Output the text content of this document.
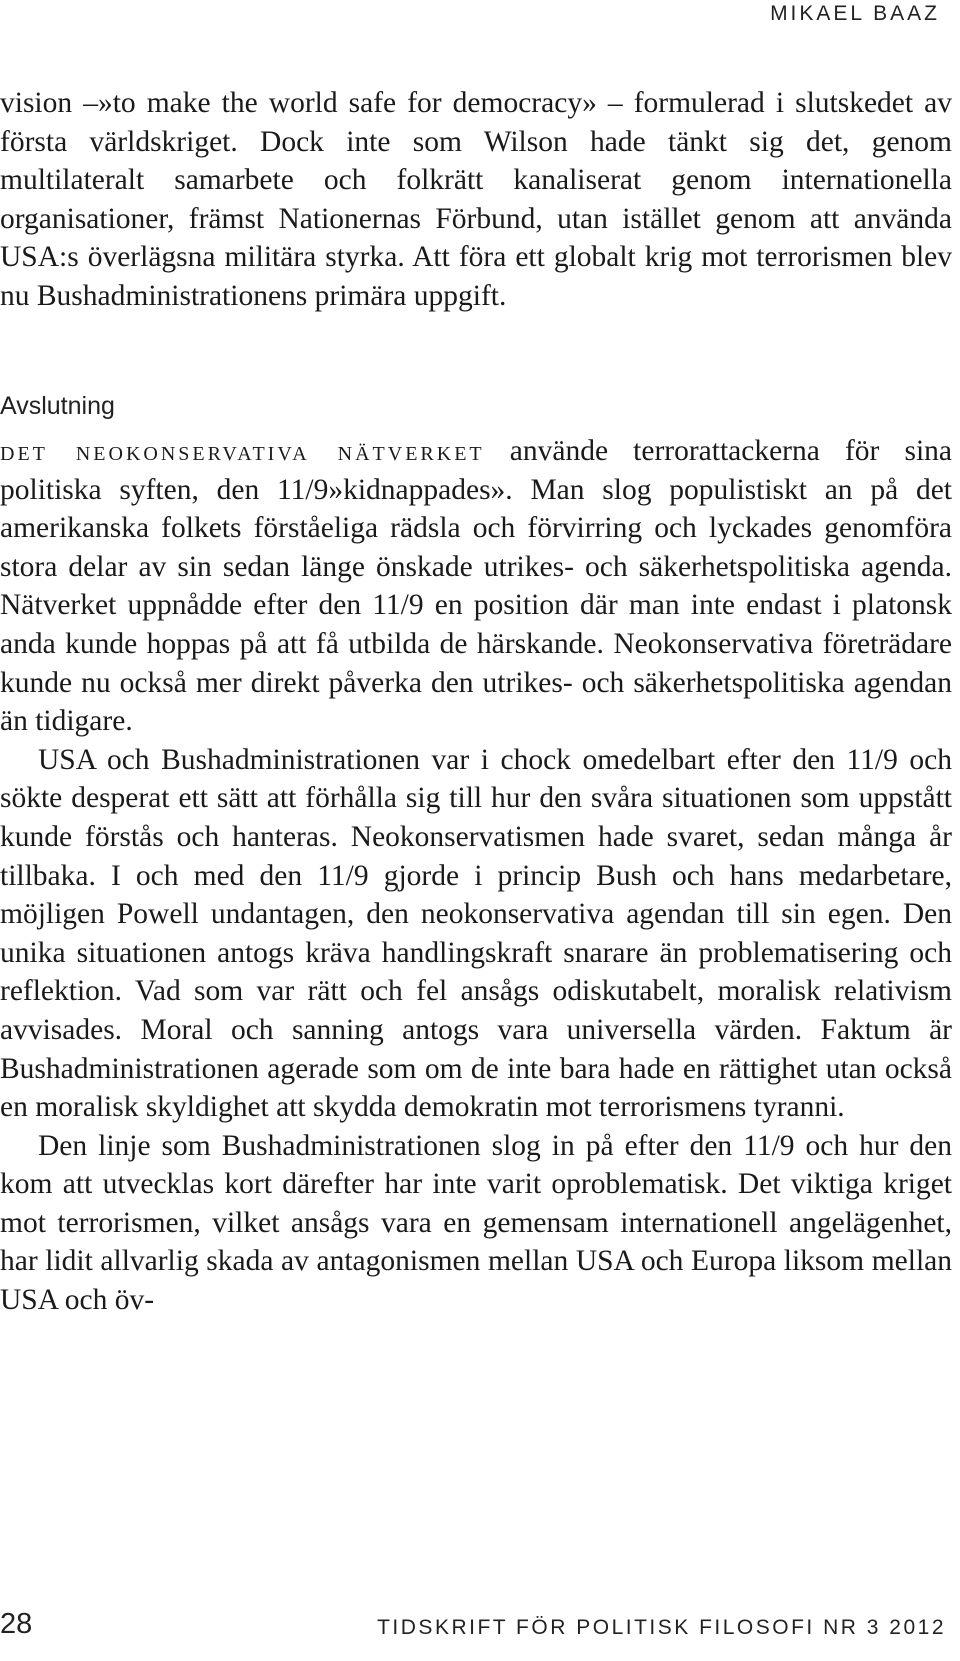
MIKAEL BAAZ

vision –»to make the world safe for democracy» – formulerad i slutskedet av första världskriget. Dock inte som Wilson hade tänkt sig det, genom multilateralt samarbete och folkrätt kanaliserat genom internationella organisationer, främst Nationernas Förbund, utan istället genom att använda USA:s överlägsna militära styrka. Att föra ett globalt krig mot terrorismen blev nu Bushadministrationens primära uppgift.

Avslutning

det neokonservativa nätverket använde terrorattackerna för sina politiska syften, den 11/9»kidnappades». Man slog populistiskt an på det amerikanska folkets förståeliga rädsla och förvirring och lyckades genomföra stora delar av sin sedan länge önskade utrikes- och säkerhetspolitiska agenda. Nätverket uppnådde efter den 11/9 en position där man inte endast i platonsk anda kunde hoppas på att få utbilda de härskande. Neokonservativa företrädare kunde nu också mer direkt påverka den utrikes- och säkerhetspolitiska agendan än tidigare.

USA och Bushadministrationen var i chock omedelbart efter den 11/9 och sökte desperat ett sätt att förhålla sig till hur den svåra situationen som uppstått kunde förstås och hanteras. Neokonservatismen hade svaret, sedan många år tillbaka. I och med den 11/9 gjorde i princip Bush och hans medarbetare, möjligen Powell undantagen, den neokonservativa agendan till sin egen. Den unika situationen antogs kräva handlingskraft snarare än problematisering och reflektion. Vad som var rätt och fel ansågs odiskutabelt, moralisk relativism avvisades. Moral och sanning antogs vara universella värden. Faktum är Bushadministrationen agerade som om de inte bara hade en rättighet utan också en moralisk skyldighet att skydda demokratin mot terrorismens tyranni.

Den linje som Bushadministrationen slog in på efter den 11/9 och hur den kom att utvecklas kort därefter har inte varit oproblematisk. Det viktiga kriget mot terrorismen, vilket ansågs vara en gemensam internationell angelägenhet, har lidit allvarlig skada av antagonismen mellan USA och Europa liksom mellan USA och öv-

28	TIDSKRIFT FÖR POLITISK FILOSOFI NR 3 2012
